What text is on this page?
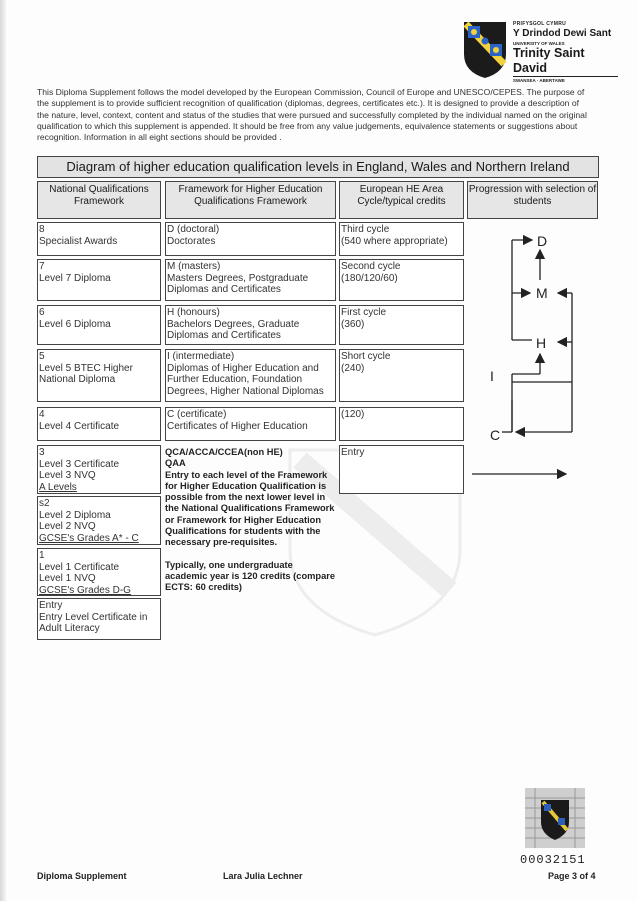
PRIFYSGOL CYMRU
Y Drindod Dewi Sant
UNIVERSITY OF WALES
Trinity Saint David
SWANSEA · ABERTAWE
This Diploma Supplement follows the model developed by the European Commission, Council of Europe and UNESCO/CEPES. The purpose of the supplement is to provide sufficient recognition of qualification (diplomas, degrees, certificates etc.). It is designed to provide a description of the nature, level, context, content and status of the studies that were pursued and successfully completed by the individual named on the original qualification to which this supplement is appended. It should be free from any value judgements, equivalence statements or suggestions about recognition. Information in all eight sections should be provided .
Diagram of higher education qualification levels in England, Wales and Northern Ireland
National Qualifications Framework
Framework for Higher Education Qualifications Framework
European HE Area Cycle/typical credits
Progression with selection of students
8
Specialist Awards
7
Level 7 Diploma
6
Level 6 Diploma
5
Level 5 BTEC Higher
National Diploma
4
Level 4 Certificate
3
Level 3 Certificate
Level 3 NVQ
A Levels
s2
Level 2 Diploma
Level 2 NVQ
GCSE's Grades A* - C
1
Level 1 Certificate
Level 1 NVQ
GCSE's Grades D-G
Entry
Entry Level Certificate in
Adult Literacy
D (doctoral)
Doctorates
M (masters)
Masters Degrees, Postgraduate
Diplomas and Certificates
H (honours)
Bachelors Degrees, Graduate
Diplomas and Certificates
I (intermediate)
Diplomas of Higher Education and
Further Education, Foundation
Degrees, Higher National Diplomas
C (certificate)
Certificates of Higher Education
QCA/ACCA/CCEA(non HE)
QAA

Entry to each level of the Framework for Higher Education Qualification is possible from the next lower level in the National Qualifications Framework or Framework for Higher Education Qualifications for students with the necessary pre-requisites.

Typically, one undergraduate academic year is 120 credits (compare ECTS: 60 credits)

Third cycle
(540 where appropriate)
Second cycle
(180/120/60)
First cycle
(360)
Short cycle
(240)
(120)
Entry
D
M
H
I
C
00032151
Diploma Supplement	Lara Julia Lechner	Page 3 of 4
